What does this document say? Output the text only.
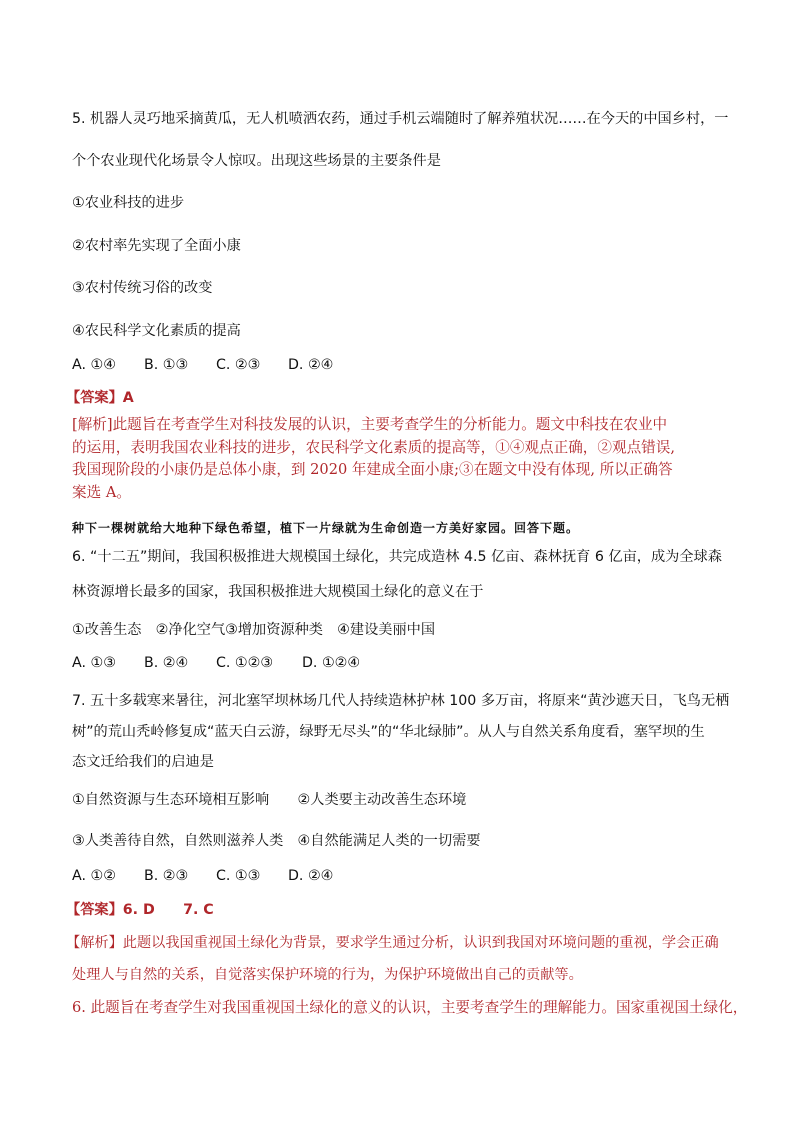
5. 机器人灵巧地采摘黄瓜，无人机喷洒农药，通过手机云端随时了解养殖状况……在今天的中国乡村，一
个个农业现代化场景令人惊叹。出现这些场景的主要条件是
①农业科技的进步
②农村率先实现了全面小康
③农村传统习俗的改变
④农民科学文化素质的提高
A. ①④ B. ①③ C. ②③ D. ②④
【答案】A
[解析]此题旨在考查学生对科技发展的认识，主要考查学生的分析能力。题文中科技在农业中
的运用，表明我国农业科技的进步，农民科学文化素质的提高等，①④观点正确，②观点错误,
我国现阶段的小康仍是总体小康，到 2020 年建成全面小康;③在题文中没有体现, 所以正确答
案选 A。
种下一棵树就给大地种下绿色希望，植下一片绿就为生命创造一方美好家园。回答下题。
6. “十二五”期间，我国积极推进大规模国土绿化，共完成造林 4.5 亿亩、森林抚育 6 亿亩，成为全球森
林资源增长最多的国家，我国积极推进大规模国土绿化的意义在于
①改善生态　②净化空气③增加资源种类　④建设美丽中国
A. ①③ B. ②④ C. ①②③ D. ①②④
7. 五十多载寒来暑往，河北塞罕坝林场几代人持续造林护林 100 多万亩，将原来“黄沙遮天日，飞鸟无栖
树”的荒山秃岭修复成“蓝天白云游，绿野无尽头”的“华北绿肺”。从人与自然关系角度看，塞罕坝的生
态文迁给我们的启迪是
①自然资源与生态环境相互影响　　②人类要主动改善生态环境
③人类善待自然，自然则滋养人类　④自然能满足人类的一切需要
A. ①② B. ②③ C. ①③ D. ②④
【答案】6. D　　7. C
【解析】此题以我国重视国土绿化为背景，要求学生通过分析，认识到我国对环境问题的重视，学会正确
处理人与自然的关系，自觉落实保护环境的行为，为保护环境做出自己的贡献等。
6. 此题旨在考查学生对我国重视国土绿化的意义的认识，主要考查学生的理解能力。国家重视国土绿化，
